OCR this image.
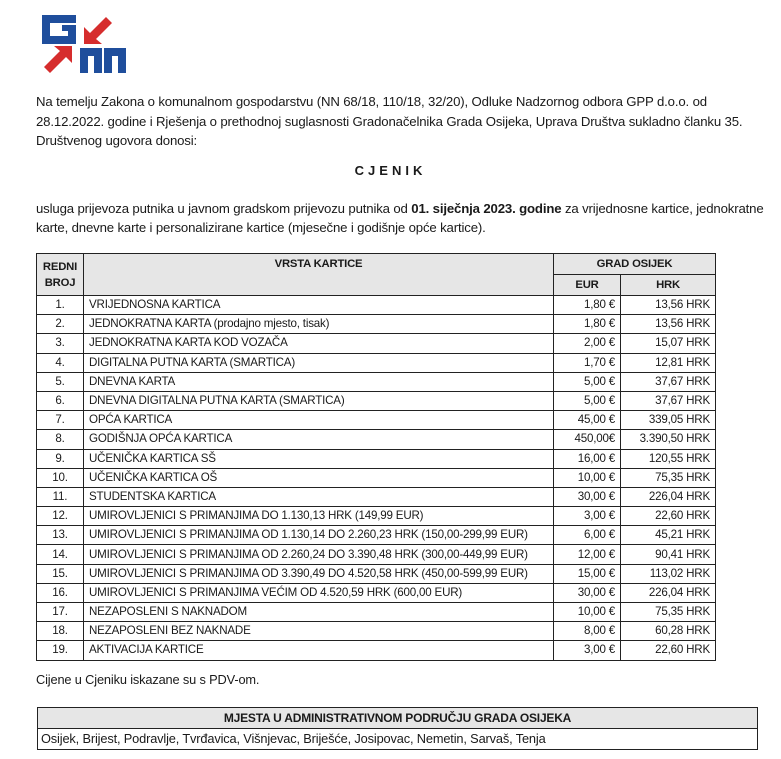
Na temelju Zakona o komunalnom gospodarstvu (NN 68/18, 110/18, 32/20), Odluke Nadzornog odbora GPP d.o.o. od 28.12.2022. godine i Rješenja o prethodnoj suglasnosti Gradonačelnika Grada Osijeka, Uprava Društva sukladno članku 35. Društvenog ugovora donosi:
CJENIK
usluga prijevoza putnika u javnom gradskom prijevozu putnika od 01. siječnja 2023. godine za vrijednosne kartice, jednokratne karte, dnevne karte i personalizirane kartice (mjesečne i godišnje opće kartice).
REDNI BROJ	VRSTA KARTICE	GRAD OSIJEK	
		EUR	HRK
1.	VRIJEDNOSNA KARTICA	1,80 €	13,56 HRK
2.	JEDNOKRATNA KARTA (prodajno mjesto, tisak)	1,80 €	13,56 HRK
3.	JEDNOKRATNA KARTA KOD VOZAČA	2,00 €	15,07 HRK
4.	DIGITALNA PUTNA KARTA (SMARTICA)	1,70 €	12,81 HRK
5.	DNEVNA KARTA	5,00 €	37,67 HRK
6.	DNEVNA DIGITALNA PUTNA KARTA (SMARTICA)	5,00 €	37,67 HRK
7.	OPĆA KARTICA	45,00 €	339,05 HRK
8.	GODIŠNJA OPĆA KARTICA	450,00€	3.390,50 HRK
9.	UČENIČKA KARTICA SŠ	16,00 €	120,55 HRK
10.	UČENIČKA KARTICA OŠ	10,00 €	75,35 HRK
11.	STUDENTSKA KARTICA	30,00 €	226,04 HRK
12.	UMIROVLJENICI S PRIMANJIMA DO 1.130,13 HRK (149,99 EUR)	3,00 €	22,60 HRK
13.	UMIROVLJENICI S PRIMANJIMA OD 1.130,14 DO 2.260,23 HRK (150,00-299,99 EUR)	6,00 €	45,21 HRK
14.	UMIROVLJENICI S PRIMANJIMA OD 2.260,24 DO 3.390,48 HRK (300,00-449,99 EUR)	12,00 €	90,41 HRK
15.	UMIROVLJENICI S PRIMANJIMA OD 3.390,49 DO 4.520,58 HRK (450,00-599,99 EUR)	15,00 €	113,02 HRK
16.	UMIROVLJENICI S PRIMANJIMA VEĆIM OD 4.520,59 HRK (600,00 EUR)	30,00 €	226,04 HRK
17.	NEZAPOSLENI S NAKNADOM	10,00 €	75,35 HRK
18.	NEZAPOSLENI BEZ NAKNADE	8,00 €	60,28 HRK
19.	AKTIVACIJA KARTICE	3,00 €	22,60 HRK
Cijene u Cjeniku iskazane su s PDV-om.
MJESTA U ADMINISTRATIVNOM PODRUČJU GRADA OSIJEKA
Osijek, Brijest, Podravlje, Tvrđavica, Višnjevac, Briješće, Josipovac, Nemetin, Sarvaš, Tenja
